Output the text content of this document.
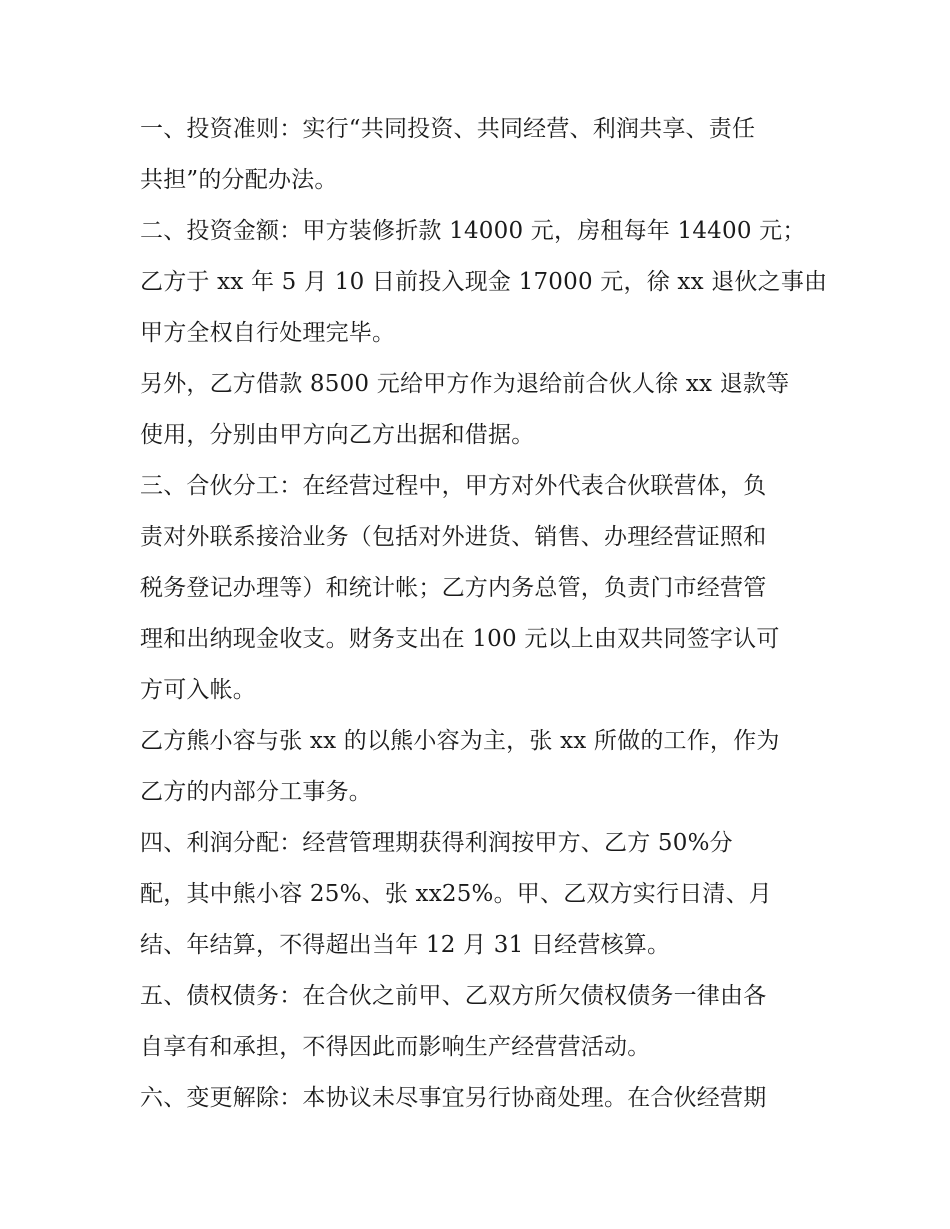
一、投资准则：实行“共同投资、共同经营、利润共享、责任
共担”的分配办法。
二、投资金额：甲方装修折款 14000 元，房租每年 14400 元；
乙方于 xx 年 5 月 10 日前投入现金 17000 元，徐 xx 退伙之事由
甲方全权自行处理完毕。
另外，乙方借款 8500 元给甲方作为退给前合伙人徐 xx 退款等
使用，分别由甲方向乙方出据和借据。
三、合伙分工：在经营过程中，甲方对外代表合伙联营体，负
责对外联系接洽业务（包括对外进货、销售、办理经营证照和
税务登记办理等）和统计帐；乙方内务总管，负责门市经营管
理和出纳现金收支。财务支出在 100 元以上由双共同签字认可
方可入帐。
乙方熊小容与张 xx 的以熊小容为主，张 xx 所做的工作，作为
乙方的内部分工事务。
四、利润分配：经营管理期获得利润按甲方、乙方 50%分
配，其中熊小容 25%、张 xx25%。甲、乙双方实行日清、月
结、年结算，不得超出当年 12 月 31 日经营核算。
五、债权债务：在合伙之前甲、乙双方所欠债权债务一律由各
自享有和承担，不得因此而影响生产经营营活动。
六、变更解除：本协议未尽事宜另行协商处理。在合伙经营期
